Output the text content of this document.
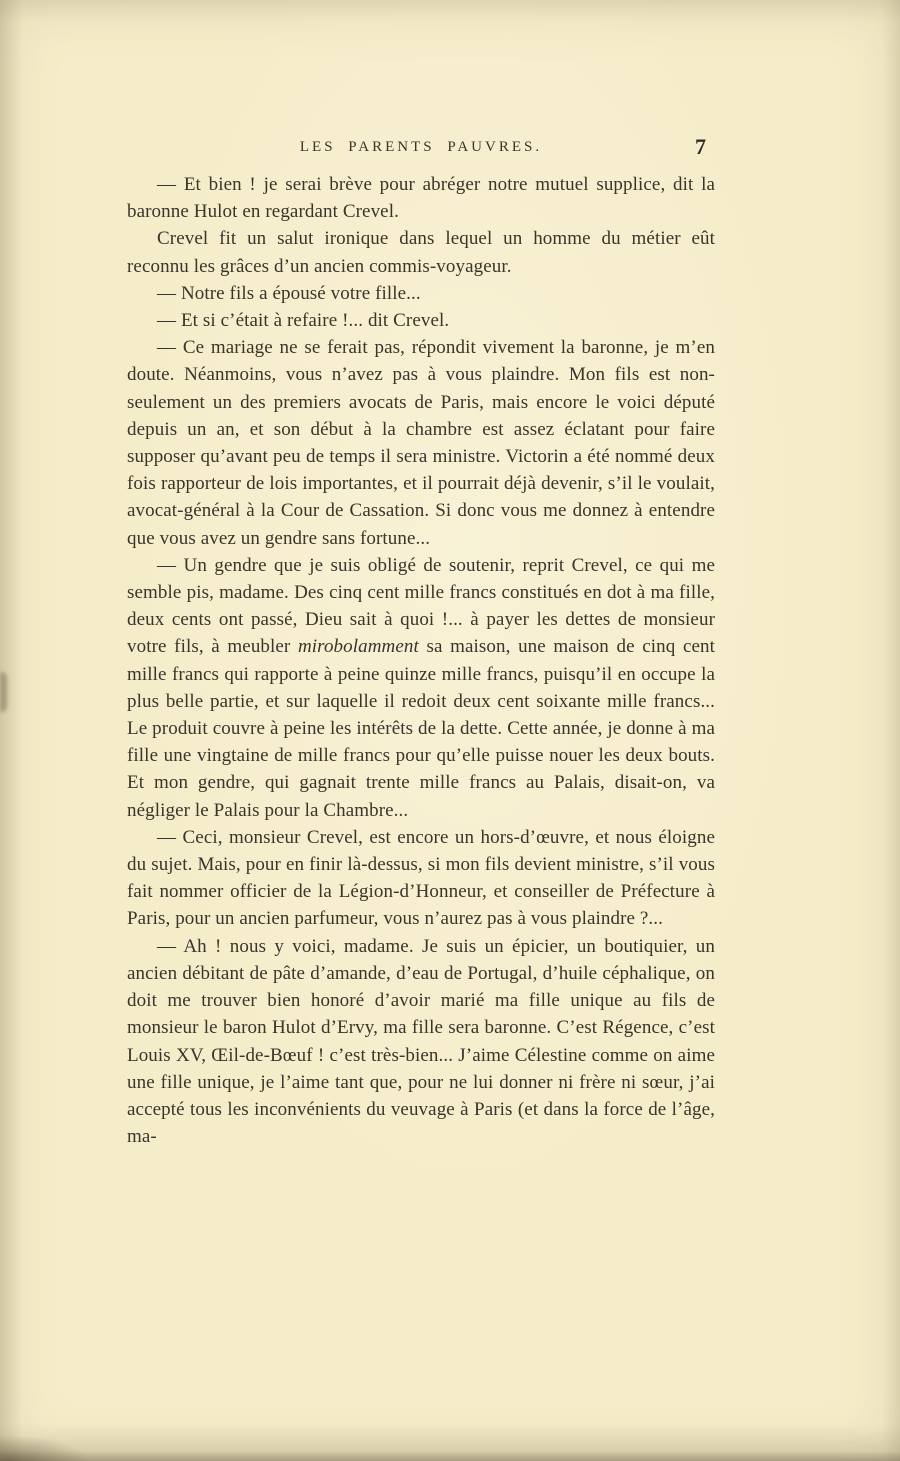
LES PARENTS PAUVRES.	7

— Et bien ! je serai brève pour abréger notre mutuel supplice, dit la baronne Hulot en regardant Crevel.

Crevel fit un salut ironique dans lequel un homme du métier eût reconnu les grâces d’un ancien commis-voyageur.

— Notre fils a épousé votre fille...

— Et si c’était à refaire !... dit Crevel.

— Ce mariage ne se ferait pas, répondit vivement la baronne, je m’en doute. Néanmoins, vous n’avez pas à vous plaindre. Mon fils est non-seulement un des premiers avocats de Paris, mais encore le voici député depuis un an, et son début à la chambre est assez éclatant pour faire supposer qu’avant peu de temps il sera ministre. Victorin a été nommé deux fois rapporteur de lois importantes, et il pourrait déjà devenir, s’il le voulait, avocat-général à la Cour de Cassation. Si donc vous me donnez à entendre que vous avez un gendre sans fortune...

— Un gendre que je suis obligé de soutenir, reprit Crevel, ce qui me semble pis, madame. Des cinq cent mille francs constitués en dot à ma fille, deux cents ont passé, Dieu sait à quoi !... à payer les dettes de monsieur votre fils, à meubler mirobolamment sa maison, une maison de cinq cent mille francs qui rapporte à peine quinze mille francs, puisqu’il en occupe la plus belle partie, et sur laquelle il redoit deux cent soixante mille francs... Le produit couvre à peine les intérêts de la dette. Cette année, je donne à ma fille une vingtaine de mille francs pour qu’elle puisse nouer les deux bouts. Et mon gendre, qui gagnait trente mille francs au Palais, disait-on, va négliger le Palais pour la Chambre...

— Ceci, monsieur Crevel, est encore un hors-d’œuvre, et nous éloigne du sujet. Mais, pour en finir là-dessus, si mon fils devient ministre, s’il vous fait nommer officier de la Légion-d’Honneur, et conseiller de Préfecture à Paris, pour un ancien parfumeur, vous n’aurez pas à vous plaindre ?...

— Ah ! nous y voici, madame. Je suis un épicier, un boutiquier, un ancien débitant de pâte d’amande, d’eau de Portugal, d’huile céphalique, on doit me trouver bien honoré d’avoir marié ma fille unique au fils de monsieur le baron Hulot d’Ervy, ma fille sera baronne. C’est Régence, c’est Louis XV, Œil-de-Bœuf ! c’est très-bien... J’aime Célestine comme on aime une fille unique, je l’aime tant que, pour ne lui donner ni frère ni sœur, j’ai accepté tous les inconvénients du veuvage à Paris (et dans la force de l’âge, ma-
